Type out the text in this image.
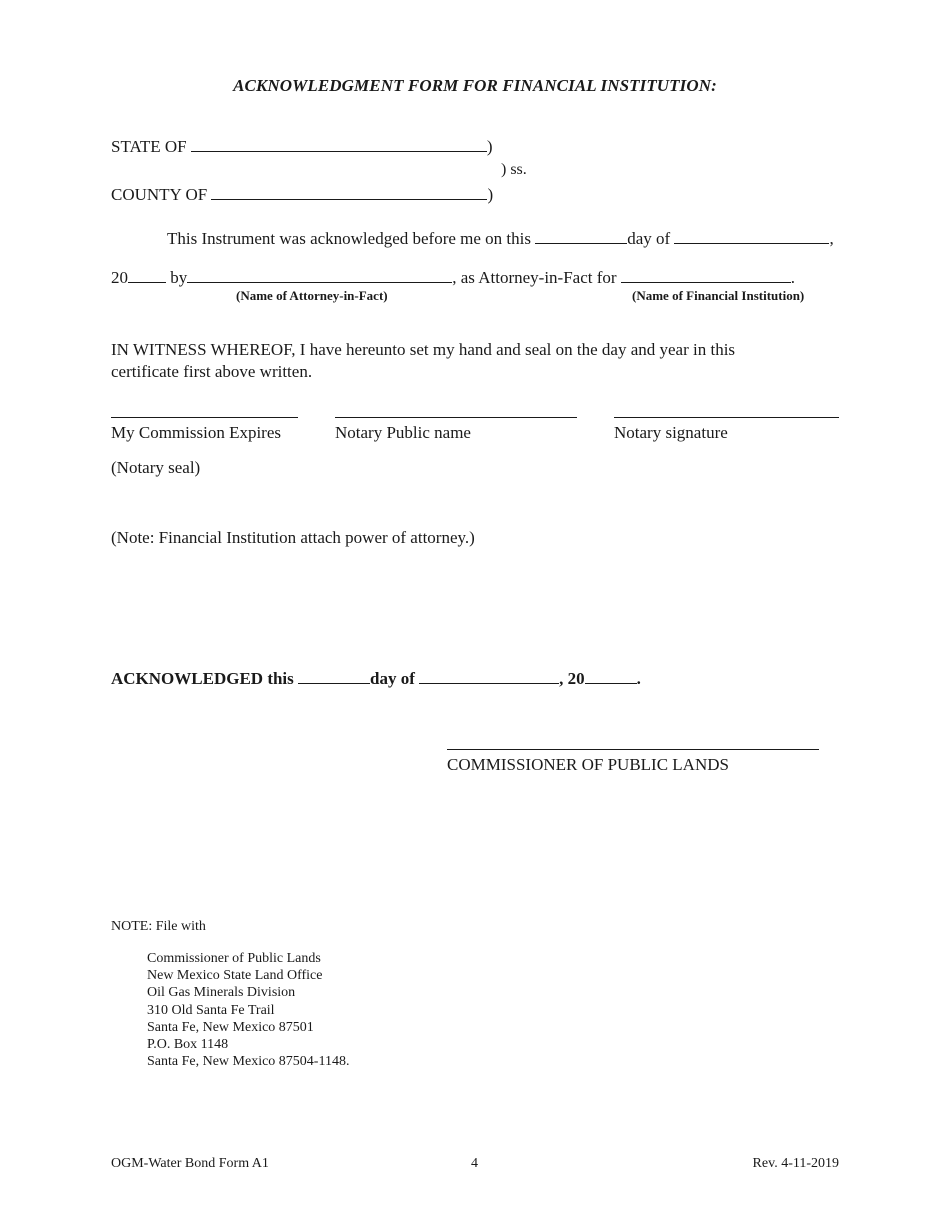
ACKNOWLEDGMENT FORM FOR FINANCIAL INSTITUTION:
STATE OF	)
) ss.
COUNTY OF	)
This Instrument was acknowledged before me on this	day of	,
20 by	, as Attorney-in-Fact for	.
(Name of Attorney-in-Fact)	(Name of Financial Institution)
IN WITNESS WHEREOF, I have hereunto set my hand and seal on the day and year in this certificate first above written.
My Commission Expires	Notary Public name	Notary signature
(Notary seal)
(Note: Financial Institution attach power of attorney.)
ACKNOWLEDGED this	day of	, 20	.
COMMISSIONER OF PUBLIC LANDS
NOTE: File with
Commissioner of Public Lands
New Mexico State Land Office
Oil Gas Minerals Division
310 Old Santa Fe Trail
Santa Fe, New Mexico 87501
P.O. Box 1148
Santa Fe, New Mexico 87504-1148.
OGM-Water Bond Form A1	4	Rev. 4-11-2019
